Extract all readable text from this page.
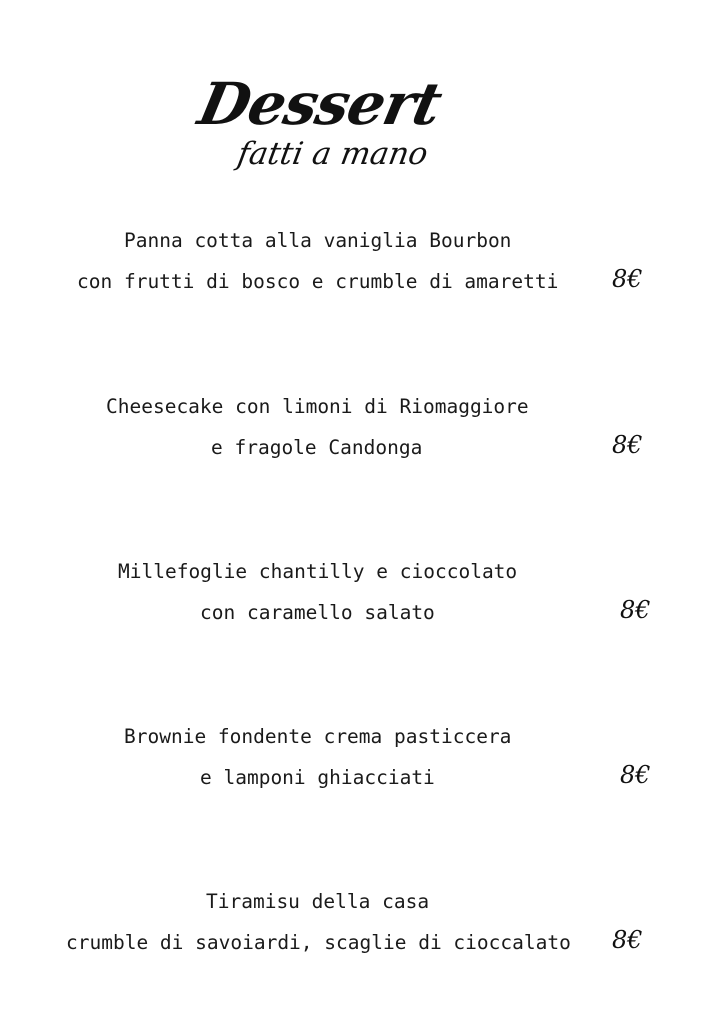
Dessert
fatti a mano
Panna cotta alla vaniglia Bourbon
con frutti di bosco e crumble di amaretti 8€
Cheesecake con limoni di Riomaggiore
e fragole Candonga	8€
Millefoglie chantilly e cioccolato
con caramello salato	8€
Brownie fondente crema pasticcera
e lamponi ghiacciati	8€
Tiramisu della casa
crumble di savoiardi, scaglie di cioccalato 8€
